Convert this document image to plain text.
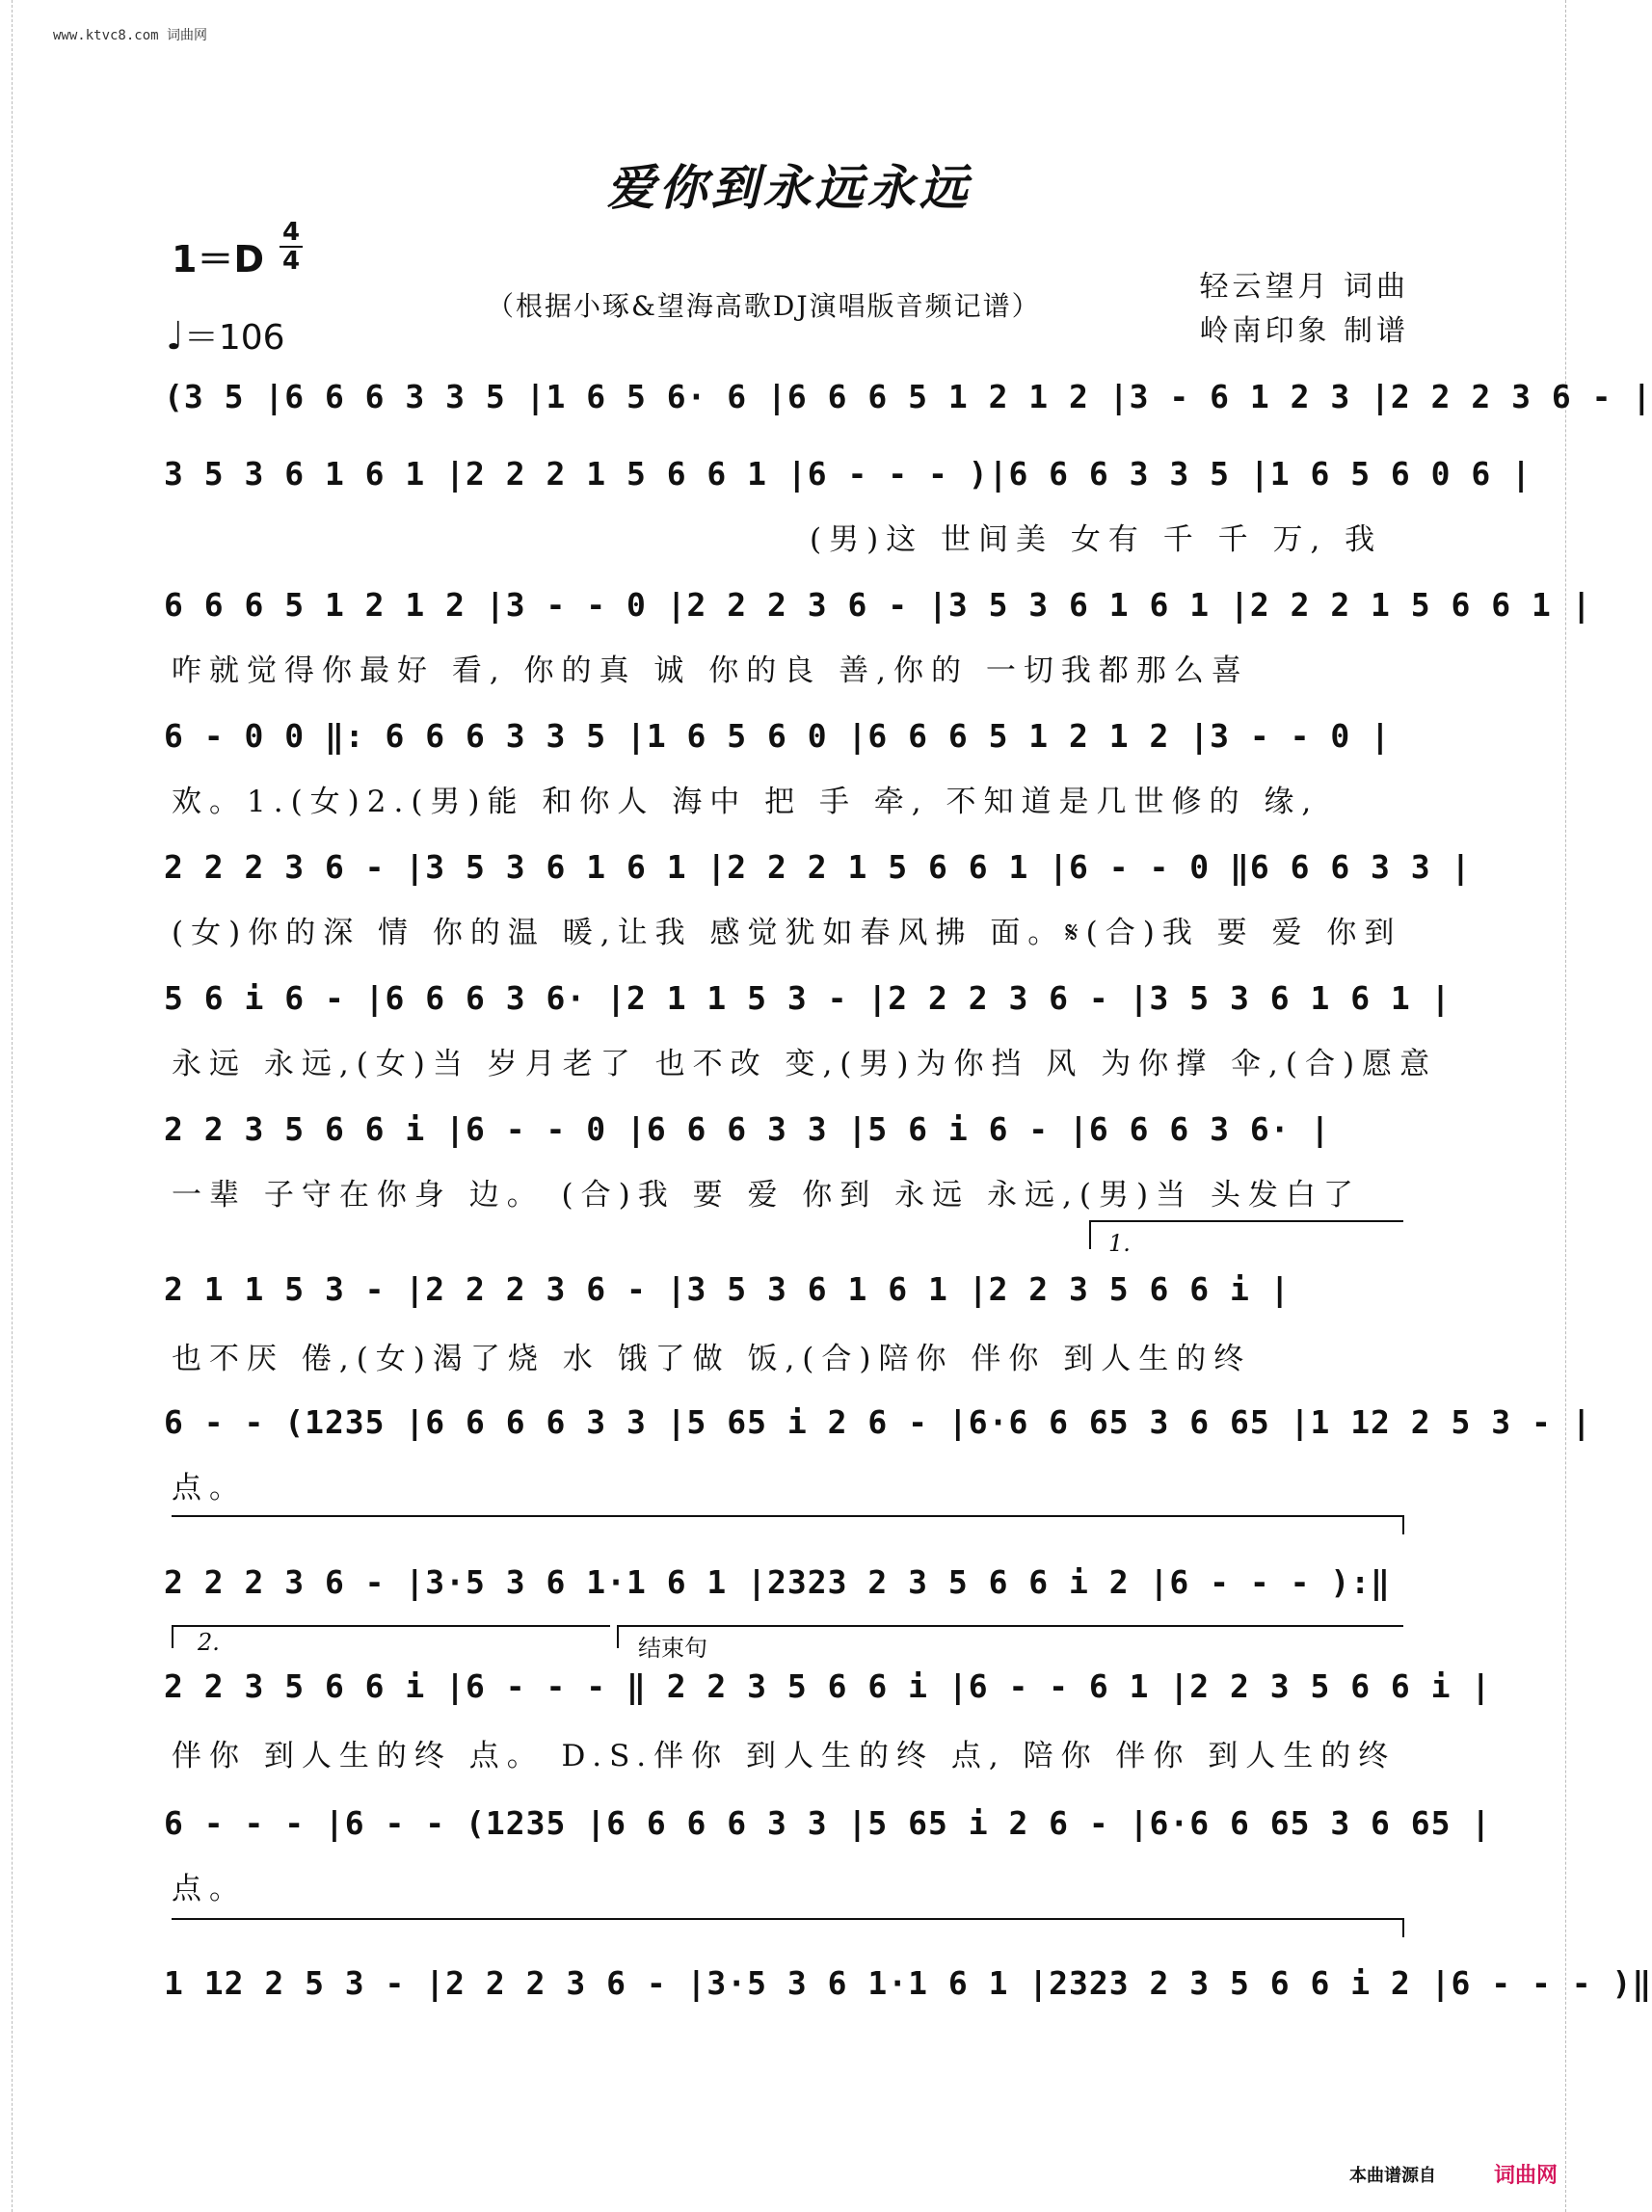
www.ktvc8.com 词曲网
爱你到永远永远
1＝D
4
4
♩＝106
（根据小琢&望海高歌DJ演唱版音频记谱）
轻云望月 词曲
岭南印象 制谱
(3 5 |6 6 6 3 3 5 |1 6 5 6· 6 |6 6 6 5 1 2 1 2 |3 - 6 1 2 3 |2 2 2 3 6 - |
3 5 3 6 1 6 1 |2 2 2 1 5 6 6 1 |6 - - - )|6 6 6 3 3 5 |1 6 5 6 0 6 |
(男)这 世间美 女有 千 千 万, 我
6 6 6 5 1 2 1 2 |3 - - 0 |2 2 2 3 6 - |3 5 3 6 1 6 1 |2 2 2 1 5 6 6 1 |
咋就觉得你最好 看, 你的真 诚 你的良 善,你的 一切我都那么喜
6 - 0 0 ‖: 6 6 6 3 3 5 |1 6 5 6 0 |6 6 6 5 1 2 1 2 |3 - - 0 |
欢。1.(女)2.(男)能 和你人 海中 把 手 牵, 不知道是几世修的 缘,
2 2 2 3 6 - |3 5 3 6 1 6 1 |2 2 2 1 5 6 6 1 |6 - - 0 ‖6 6 6 3 3 |
(女)你的深 情 你的温 暖,让我 感觉犹如春风拂 面。𝄋(合)我 要 爱 你到
5 6 i 6 - |6 6 6 3 6· |2 1 1 5 3 - |2 2 2 3 6 - |3 5 3 6 1 6 1 |
永远 永远,(女)当 岁月老了 也不改 变,(男)为你挡 风 为你撑 伞,(合)愿意
2 2 3 5 6 6 i |6 - - 0 |6 6 6 3 3 |5 6 i 6 - |6 6 6 3 6· |
一辈 子守在你身 边。 (合)我 要 爱 你到 永远 永远,(男)当 头发白了
1.
2 1 1 5 3 - |2 2 2 3 6 - |3 5 3 6 1 6 1 |2 2 3 5 6 6 i |
也不厌 倦,(女)渴了烧 水 饿了做 饭,(合)陪你 伴你 到人生的终
6 - - (1235 |6 6 6 6 3 3 |5 65 i 2 6 - |6·6 6 65 3 6 65 |1 12 2 5 3 - |
点。
2 2 2 3 6 - |3·5 3 6 1·1 6 1 |2323 2 3 5 6 6 i 2 |6 - - - ):‖
2.	结束句
2 2 3 5 6 6 i |6 - - - ‖ 2 2 3 5 6 6 i |6 - - 6 1 |2 2 3 5 6 6 i |
伴你 到人生的终 点。 D.S.伴你 到人生的终 点, 陪你 伴你 到人生的终
6 - - - |6 - - (1235 |6 6 6 6 3 3 |5 65 i 2 6 - |6·6 6 65 3 6 65 |
点。
1 12 2 5 3 - |2 2 2 3 6 - |3·5 3 6 1·1 6 1 |2323 2 3 5 6 6 i 2 |6 - - - )‖
本曲谱源自	词曲网
